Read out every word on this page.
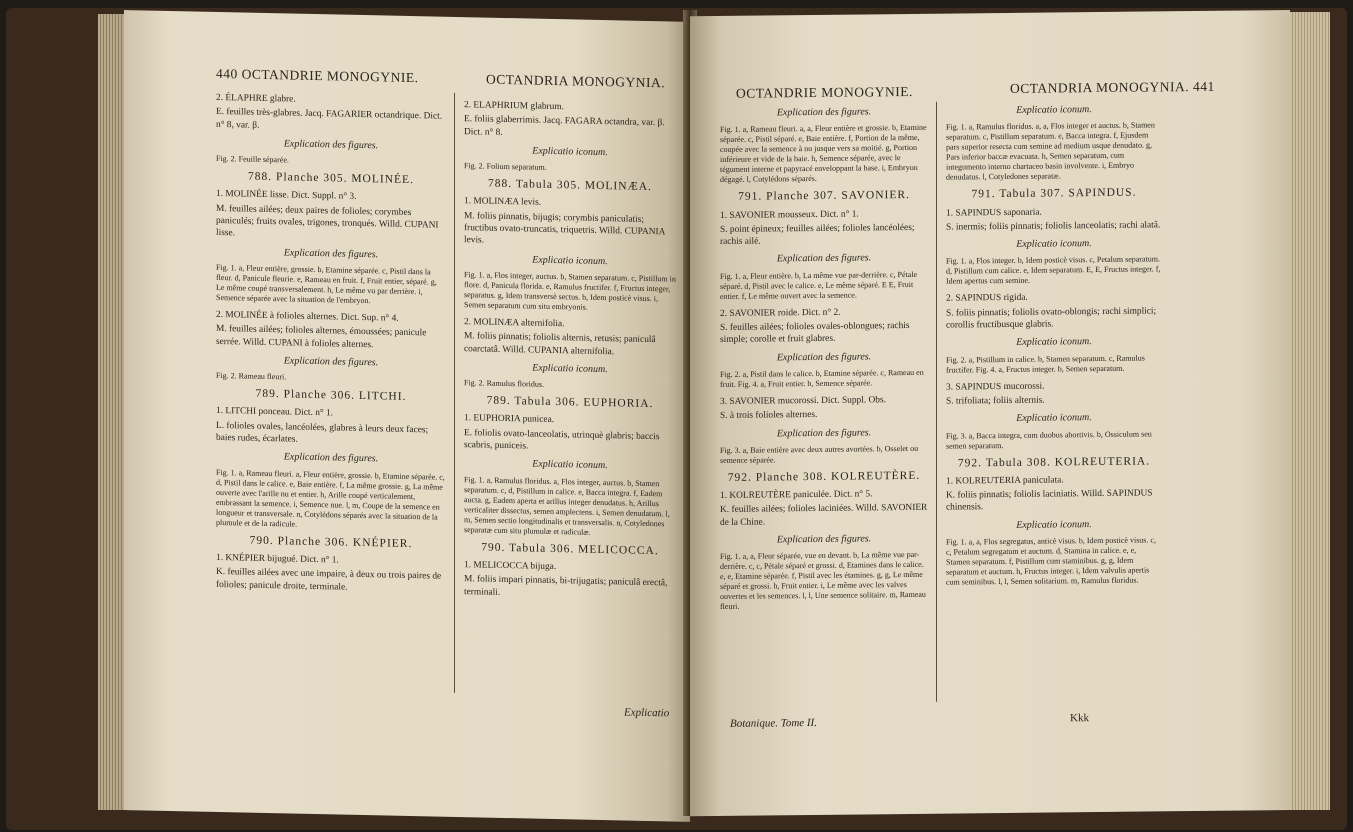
440 OCTANDRIE MONOGYNIE.	OCTANDRIA MONOGYNIA.

2. ÉLAPHRE glabre.

E. feuilles très-glabres. Jacq. FAGARIER octandrique. Dict. n° 8, var. β.

Explication des figures.

Fig. 2. Feuille séparée.

788. Planche 305. MOLINÉE.

1. MOLINÉE lisse. Dict. Suppl. n° 3.

M. feuilles ailées; deux paires de folioles; corymbes paniculés; fruits ovales, trigones, tronqués. Willd. CUPANI lisse.

Explication des figures.

Fig. 1. a, Fleur entière, grossie. b, Etamine séparée. c, Pistil dans la fleur. d, Panicule fleurie. e, Rameau en fruit. f, Fruit entier, séparé. g, Le même coupé transversalement. h, Le même vu par derrière. i, Semence séparée avec la situation de l'embryon.

2. MOLINÉE à folioles alternes. Dict. Sup. n° 4.

M. feuilles ailées; folioles alternes, émoussées; panicule serrée. Willd. CUPANI à folioles alternes.

Explication des figures.

Fig. 2. Rameau fleuri.

789. Planche 306. LITCHI.

1. LITCHI ponceau. Dict. n° 1.

L. folioles ovales, lancéolées, glabres à leurs deux faces; baies rudes, écarlates.

Explication des figures.

Fig. 1. a, Rameau fleuri. a, Fleur entière, grossie. b, Etamine séparée. c, d, Pistil dans le calice. e, Baie entière. f, La même grossie. g, La même ouverte avec l'arille nu et entier. h, Arille coupé verticalement, embrassant la semence. i, Semence nue. l, m, Coupe de la semence en longueur et transversale. n, Cotylédons séparés avec la situation de la plumule et de la radicule.

790. Planche 306. KNÉPIER.

1. KNÉPIER bijugué. Dict. n° 1.

K. feuilles ailées avec une impaire, à deux ou trois paires de folioles; panicule droite, terminale.

2. ELAPHRIUM glabrum.

E. foliis glaberrimis. Jacq. FAGARA octandra, var. β. Dict. n° 8.

Explicatio iconum.

Fig. 2. Folium separatum.

788. Tabula 305. MOLINÆA.

1. MOLINÆA levis.

M. foliis pinnatis, bijugis; corymbis paniculatis; fructibus ovato-truncatis, triquetris. Willd. CUPANIA levis.

Explicatio iconum.

Fig. 1. a, Flos integer, auctus. b, Stamen separatum. c, Pistillum in flore. d, Panicula florida. e, Ramulus fructifer. f, Fructus integer, separatus. g, Idem transversè sectus. h, Idem posticè visus. i, Semen separatum cum situ embryonis.

2. MOLINÆA alternifolia.

M. foliis pinnatis; foliolis alternis, retusis; paniculâ coarctatâ. Willd. CUPANIA alternifolia.

Explicatio iconum.

Fig. 2. Ramulus floridus.

789. Tabula 306. EUPHORIA.

1. EUPHORIA punicea.

E. foliolis ovato-lanceolatis, utrinquè glabris; baccis scabris, puniceis.

Explicatio iconum.

Fig. 1. a, Ramulus floridus. a, Flos integer, auctus. b, Stamen separatum. c, d, Pistillum in calice. e, Bacca integra. f, Eadem aucta. g, Eadem aperta et arillus integer denudatus. h, Arillus verticaliter dissectus, semen amplectens. i, Semen denudatum. l, m, Semen sectio longitudinalis et transversalis. n, Cotyledones separatæ cum situ plumulæ et radiculæ.

790. Tabula 306. MELICOCCA.

1. MELICOCCA bijuga.

M. foliis impari pinnatis, bi-trijugatis; paniculâ erectâ, terminali.

Explicatio
OCTANDRIE MONOGYNIE.	OCTANDRIA MONOGYNIA. 441

Explication des figures.

Fig. 1. a, Rameau fleuri. a, a, Fleur entière et grossie. b, Etamine séparée. c, Pistil séparé. e, Baie entière. f, Portion de la même, coupée avec la semence à nu jusque vers sa moitié. g, Portion inférieure et vide de la baie. h, Semence séparée, avec le tégument interne et papyracé enveloppant la base. i, Embryon dégagé. l, Cotylédons séparés.

791. Planche 307. SAVONIER.

1. SAVONIER mousseux. Dict. n° 1.

S. point épineux; feuilles ailées; folioles lancéolées; rachis ailé.

Explication des figures.

Fig. 1. a, Fleur entière. b, La même vue par-derrière. c, Pétale séparé. d, Pistil avec le calice. e, Le même séparé. E E, Fruit entier. f, Le même ouvert avec la semence.

2. SAVONIER roide. Dict. n° 2.

S. feuilles ailées; folioles ovales-oblongues; rachis simple; corolle et fruit glabres.

Explication des figures.

Fig. 2. a, Pistil dans le calice. b, Etamine séparée. c, Rameau en fruit. Fig. 4. a, Fruit entier. b, Semence séparée.

3. SAVONIER mucorossi. Dict. Suppl. Obs.

S. à trois folioles alternes.

Explication des figures.

Fig. 3. a, Baie entière avec deux autres avortées. b, Osselet ou semence séparée.

792. Planche 308. KOLREUTÈRE.

1. KOLREUTÈRE paniculée. Dict. n° 5.

K. feuilles ailées; folioles laciniées. Willd. SAVONIER de la Chine.

Explication des figures.

Fig. 1. a, a, Fleur séparée, vue en devant. b, La même vue par-derrière. c, c, Pétale séparé et grossi. d, Etamines dans le calice. e, e, Etamine séparée. f, Pistil avec les étamines. g, g, Le même séparé et grossi. h, Fruit entier. i, Le même avec les valves ouvertes et les semences. l, l, Une semence solitaire. m, Rameau fleuri.

Botanique. Tome II.

Explicatio iconum.

Fig. 1. a, Ramulus floridus. a, a, Flos integer et auctus. b, Stamen separatum. c, Pistillum separatum. e, Bacca integra. f, Ejusdem pars superior resecta cum semine ad medium usque denudato. g, Pars inferior baccæ evacuata. h, Semen separatum, cum integumento interno chartaceo basin involvente. i, Embryo denudatus. l, Cotyledones separatæ.

791. Tabula 307. SAPINDUS.

1. SAPINDUS saponaria.

S. inermis; foliis pinnatis; foliolis lanceolatis; rachi alatâ.

Explicatio iconum.

Fig. 1. a, Flos integer. b, Idem posticè visus. c, Petalum separatum. d, Pistillum cum calice. e, Idem separatum. E, E, Fructus integer. f, Idem apertus cum semine.

2. SAPINDUS rigida.

S. foliis pinnatis; foliolis ovato-oblongis; rachi simplici; corollis fructibusque glabris.

Explicatio iconum.

Fig. 2. a, Pistillum in calice. b, Stamen separatum. c, Ramulus fructifer. Fig. 4. a, Fructus integer. b, Semen separatum.

3. SAPINDUS mucorossi.

S. trifoliata; foliis alternis.

Explicatio iconum.

Fig. 3. a, Bacca integra, cum duobus abortivis. b, Ossiculum seu semen separatum.

792. Tabula 308. KOLREUTERIA.

1. KOLREUTERIA paniculata.

K. foliis pinnatis; foliolis laciniatis. Willd. SAPINDUS chinensis.

Explicatio iconum.

Fig. 1. a, a, Flos segregatus, anticè visus. b, Idem posticè visus. c, c, Petalum segregatum et auctum. d, Stamina in calice. e, e, Stamen separatum. f, Pistillum cum staminibus. g, g, Idem separatum et auctum. h, Fructus integer. i, Idem valvulis apertis cum seminibus. l, l, Semen solitarium. m, Ramulus floridus.

Kkk
